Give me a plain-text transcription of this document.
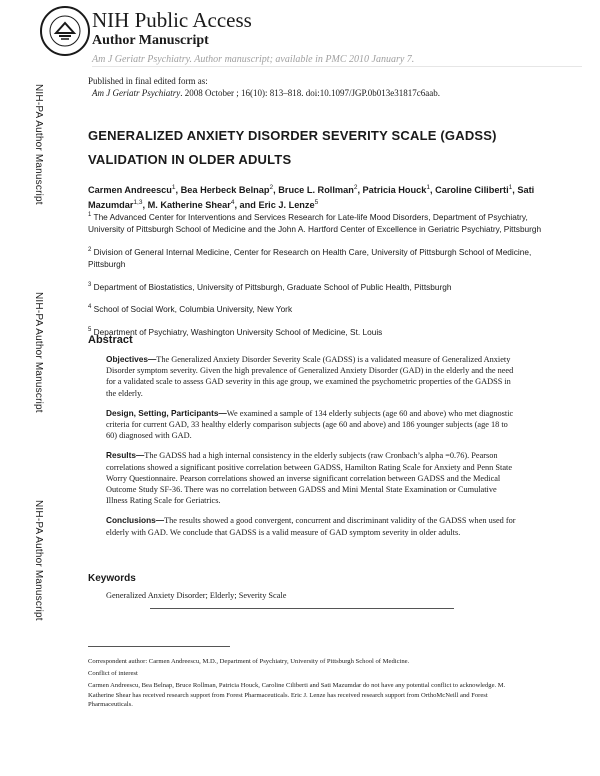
NIH Public Access
Author Manuscript
Am J Geriatr Psychiatry. Author manuscript; available in PMC 2010 January 7.
Published in final edited form as:
Am J Geriatr Psychiatry. 2008 October ; 16(10): 813–818. doi:10.1097/JGP.0b013e31817c6aab.
NIH-PA Author Manuscript
NIH-PA Author Manuscript
NIH-PA Author Manuscript
GENERALIZED ANXIETY DISORDER SEVERITY SCALE (GADSS)
VALIDATION IN OLDER ADULTS
Carmen Andreescu$^1$, Bea Herbeck Belnap$^2$, Bruce L. Rollman$^2$, Patricia Houck$^1$, Caroline Ciliberti$^1$, Sati Mazumdar$^{1,3}$, M. Katherine Shear$^4$, and Eric J. Lenze$^5$

$^1$ The Advanced Center for Interventions and Services Research for Late-life Mood Disorders, Department of Psychiatry, University of Pittsburgh School of Medicine and the John A. Hartford Center of Excellence in Geriatric Psychiatry, Pittsburgh

$^2$ Division of General Internal Medicine, Center for Research on Health Care, University of Pittsburgh School of Medicine, Pittsburgh

$^3$ Department of Biostatistics, University of Pittsburgh, Graduate School of Public Health, Pittsburgh

$^4$ School of Social Work, Columbia University, New York

$^5$ Department of Psychiatry, Washington University School of Medicine, St. Louis

Abstract

Objectives—The Generalized Anxiety Disorder Severity Scale (GADSS) is a validated measure of Generalized Anxiety Disorder symptom severity. Given the high prevalence of Generalized Anxiety Disorder (GAD) in the elderly and the need for a validated scale to assess GAD severity in this age group, we examined the psychometric properties of the GADSS in the elderly.

Design, Setting, Participants—We examined a sample of 134 elderly subjects (age 60 and above) who met diagnostic criteria for current GAD, 33 healthy elderly comparison subjects (age 60 and above) and 186 younger subjects (age 18 to 60) diagnosed with GAD.

Results—The GADSS had a high internal consistency in the elderly subjects (raw Cronbach’s alpha =0.76). Pearson correlations showed a significant positive correlation between GADSS, Hamilton Rating Scale for Anxiety and Penn State Worry Questionnaire. Pearson correlations showed an inverse significant correlation between GADSS and the Medical Outcome Study SF-36. There was no correlation between GADSS and Mini Mental State Examination or Cumulative Illness Rating Scale for Geriatrics.

Conclusions—The results showed a good convergent, concurrent and discriminant validity of the GADSS when used for elderly with GAD. We conclude that GADSS is a valid measure of GAD symptom severity in older adults.

Keywords
Generalized Anxiety Disorder; Elderly; Severity Scale

Correspondent author: Carmen Andreescu, M.D., Department of Psychiatry, University of Pittsburgh School of Medicine.

Conflict of interest

Carmen Andreescu, Bea Belnap, Bruce Rollman, Patricia Houck, Caroline Ciliberti and Sati Mazumdar do not have any potential conflict to acknowledge. M. Katherine Shear has received research support from Forest Pharmaceuticals. Eric J. Lenze has received research support from OrthoMcNeill and Forest Pharmaceuticals.
